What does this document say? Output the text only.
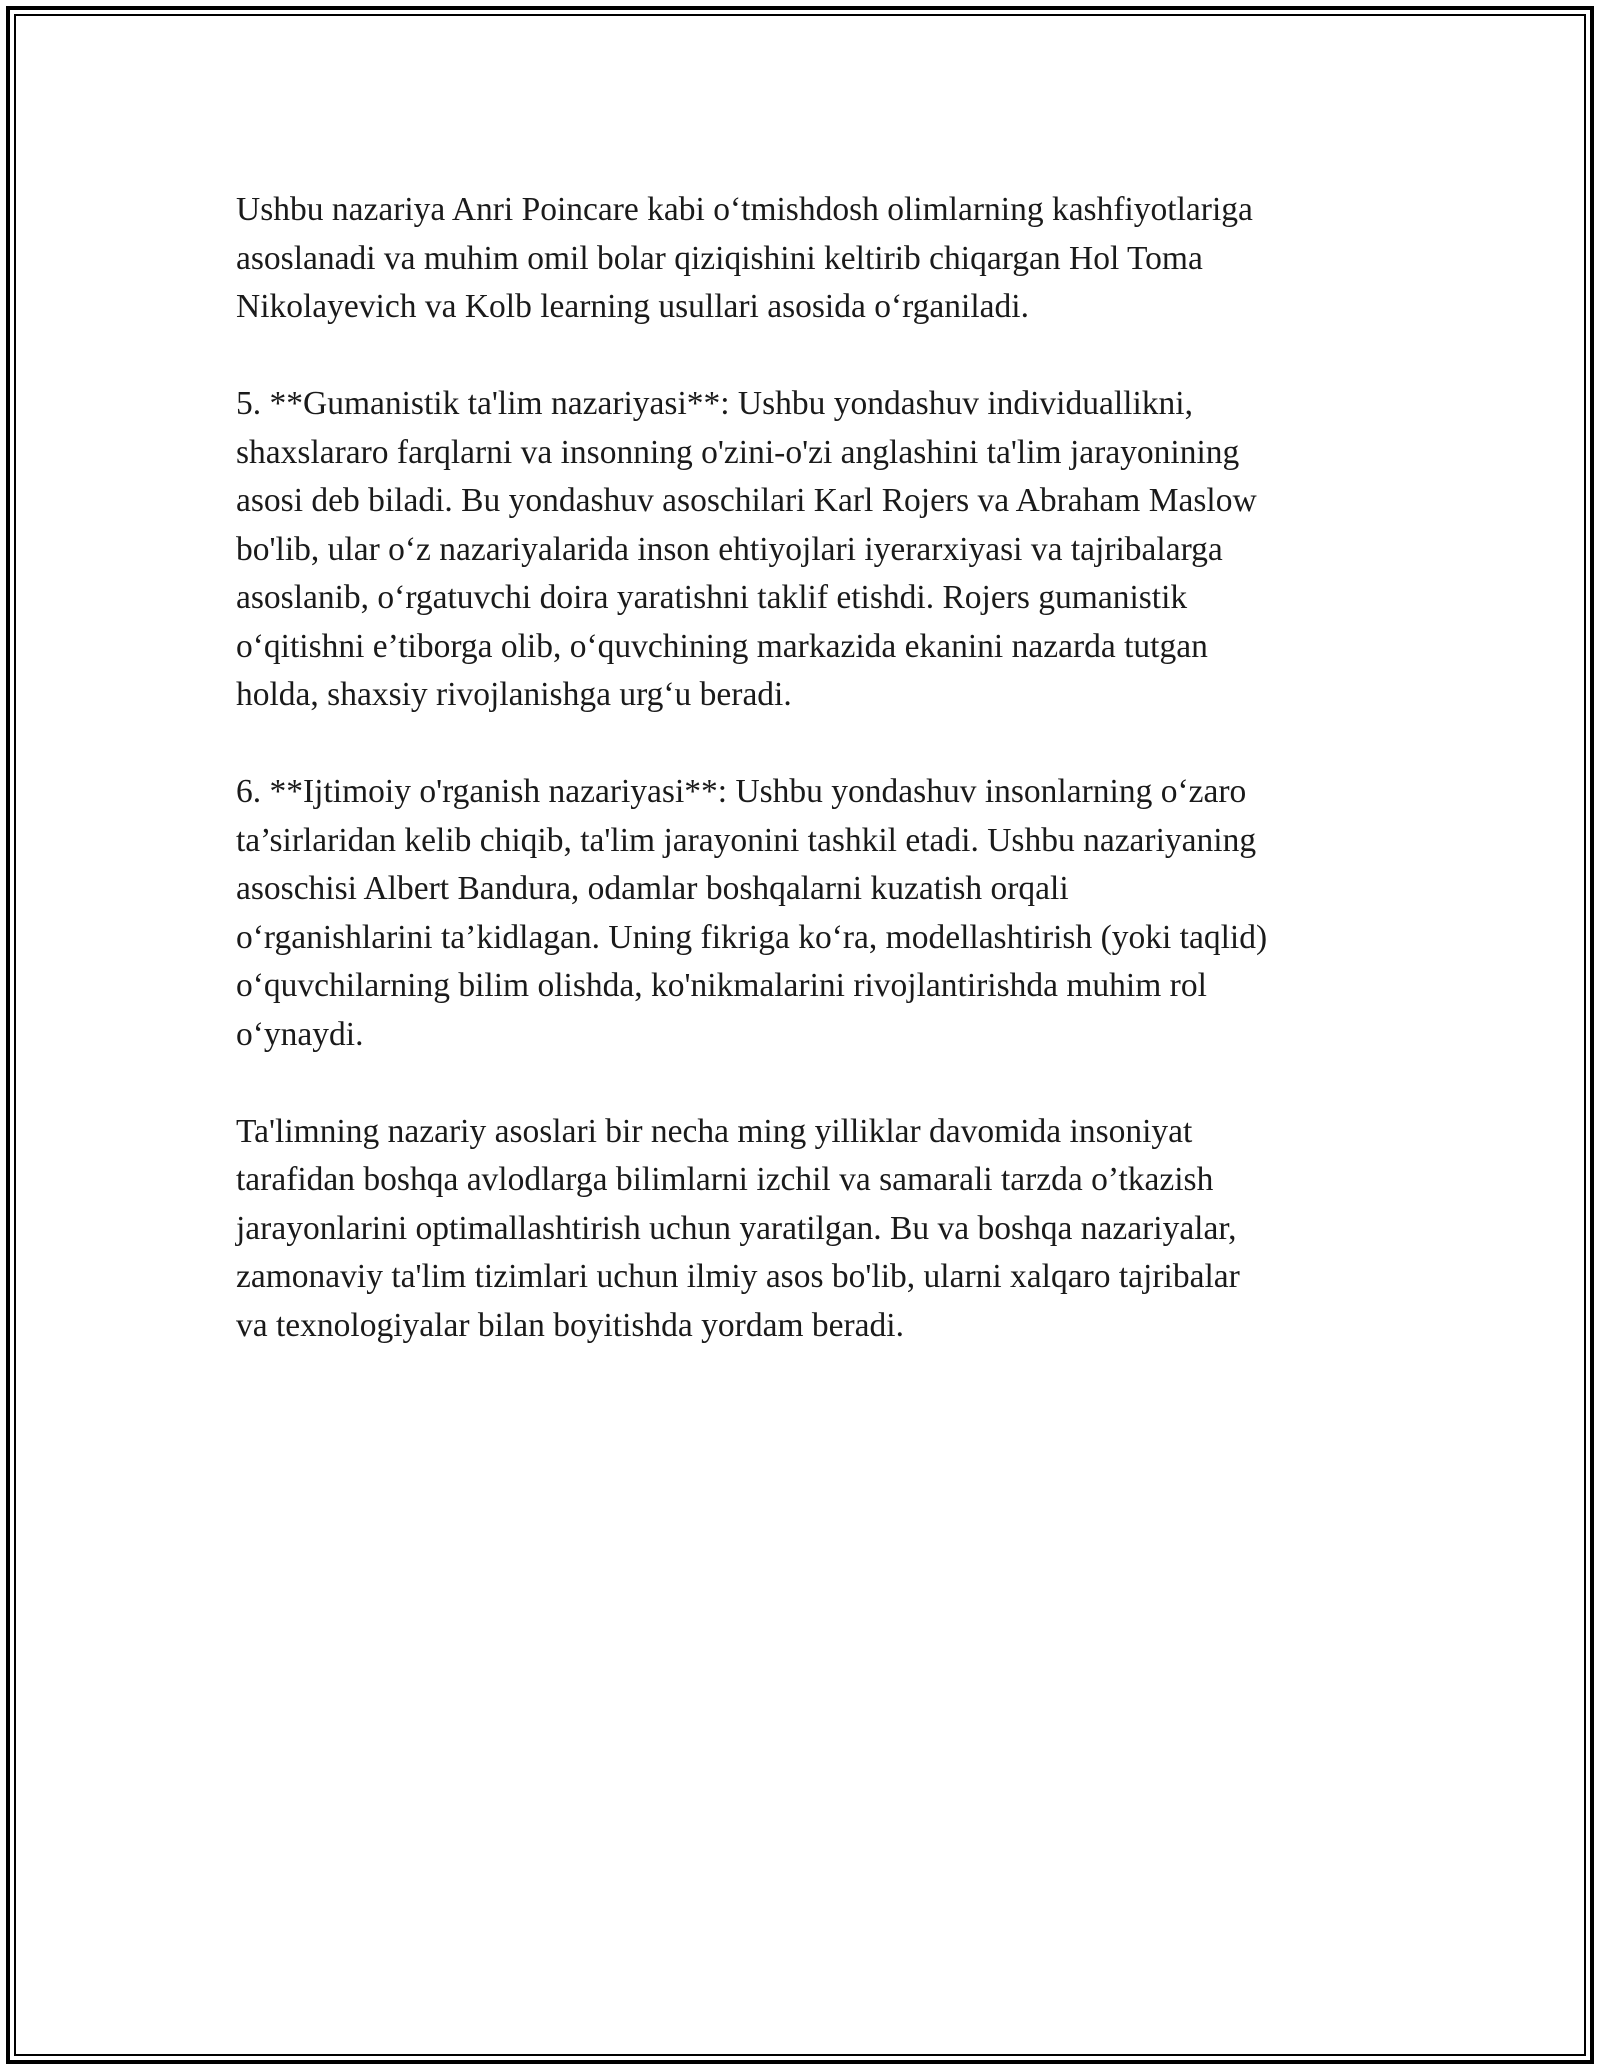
Ushbu nazariya Anri Poincare kabi o‘tmishdosh olimlarning kashfiyotlariga
asoslanadi va muhim omil bolar qiziqishini keltirib chiqargan Hol Toma
Nikolayevich va Kolb learning usullari asosida o‘rganiladi.

5. **Gumanistik ta'lim nazariyasi**: Ushbu yondashuv individuallikni,
shaxslararo farqlarni va insonning o'zini-o'zi anglashini ta'lim jarayonining
asosi deb biladi. Bu yondashuv asoschilari Karl Rojers va Abraham Maslow
bo'lib, ular o‘z nazariyalarida inson ehtiyojlari iyerarxiyasi va tajribalarga
asoslanib, o‘rgatuvchi doira yaratishni taklif etishdi. Rojers gumanistik
o‘qitishni e’tiborga olib, o‘quvchining markazida ekanini nazarda tutgan
holda, shaxsiy rivojlanishga urg‘u beradi.

6. **Ijtimoiy o'rganish nazariyasi**: Ushbu yondashuv insonlarning o‘zaro
ta’sirlaridan kelib chiqib, ta'lim jarayonini tashkil etadi. Ushbu nazariyaning
asoschisi Albert Bandura, odamlar boshqalarni kuzatish orqali
o‘rganishlarini ta’kidlagan. Uning fikriga ko‘ra, modellashtirish (yoki taqlid)
o‘quvchilarning bilim olishda, ko'nikmalarini rivojlantirishda muhim rol
o‘ynaydi.

Ta'limning nazariy asoslari bir necha ming yilliklar davomida insoniyat
tarafidan boshqa avlodlarga bilimlarni izchil va samarali tarzda o’tkazish
jarayonlarini optimallashtirish uchun yaratilgan. Bu va boshqa nazariyalar,
zamonaviy ta'lim tizimlari uchun ilmiy asos bo'lib, ularni xalqaro tajribalar
va texnologiyalar bilan boyitishda yordam beradi.
